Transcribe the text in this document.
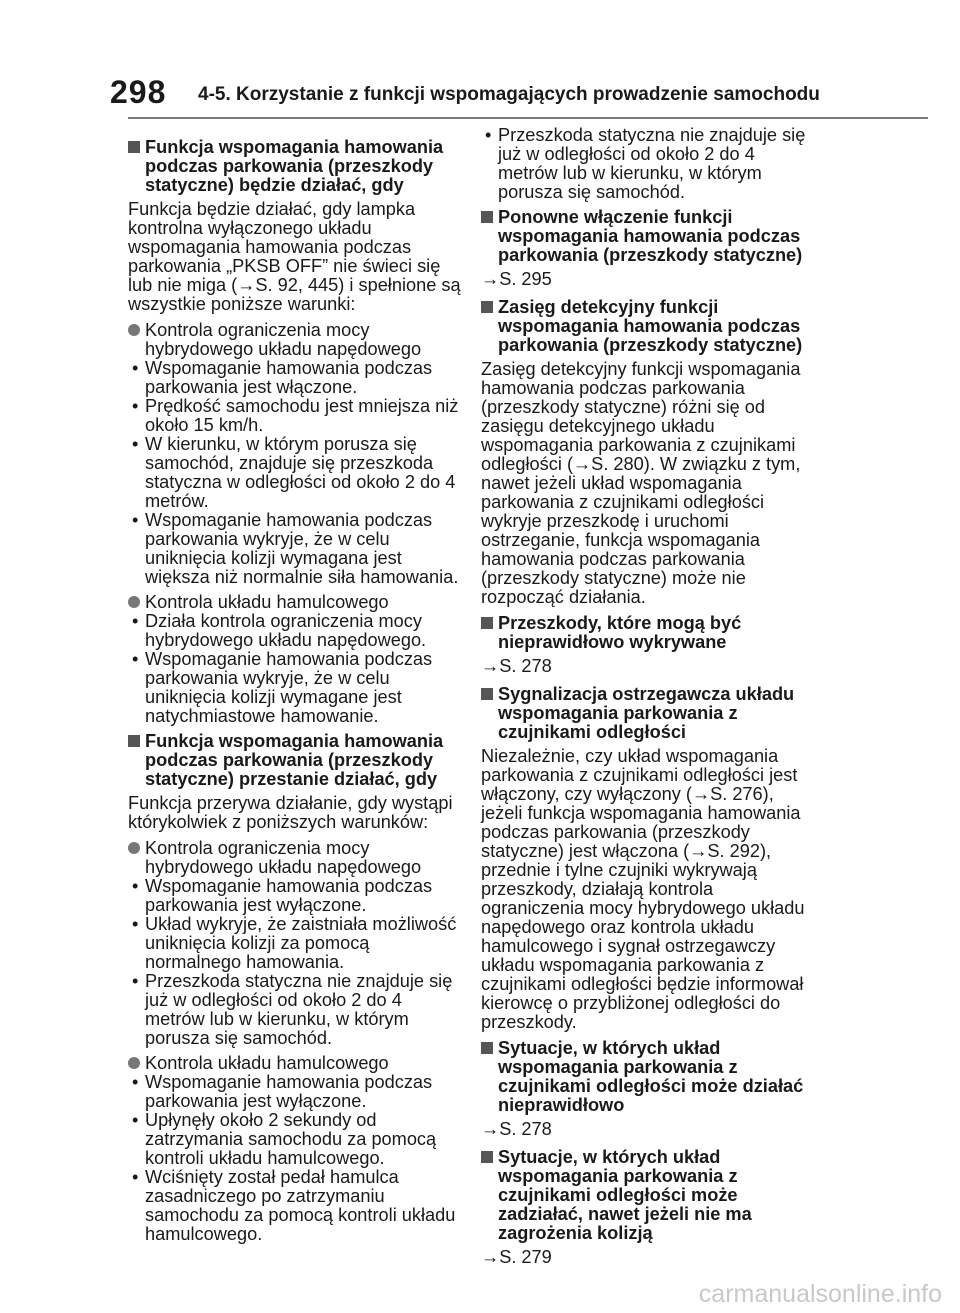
298 4-5. Korzystanie z funkcji wspomagających prowadzenie samochodu
Funkcja wspomagania hamowania podczas parkowania (przeszkody statyczne) będzie działać, gdy
Funkcja będzie działać, gdy lampka kontrolna wyłączonego układu wspomagania hamowania podczas parkowania „PKSB OFF” nie świeci się lub nie miga (→S. 92, 445) i spełnione są wszystkie poniższe warunki:
Kontrola ograniczenia mocy hybrydowego układu napędowego
• Wspomaganie hamowania podczas parkowania jest włączone.
• Prędkość samochodu jest mniejsza niż około 15 km/h.
• W kierunku, w którym porusza się samochód, znajduje się przeszkoda statyczna w odległości od około 2 do 4 metrów.
• Wspomaganie hamowania podczas parkowania wykryje, że w celu uniknięcia kolizji wymagana jest większa niż normalnie siła hamowania.
Kontrola układu hamulcowego
• Działa kontrola ograniczenia mocy hybrydowego układu napędowego.
• Wspomaganie hamowania podczas parkowania wykryje, że w celu uniknięcia kolizji wymagane jest natychmiastowe hamowanie.
Funkcja wspomagania hamowania podczas parkowania (przeszkody statyczne) przestanie działać, gdy
Funkcja przerywa działanie, gdy wystąpi którykolwiek z poniższych warunków:
Kontrola ograniczenia mocy hybrydowego układu napędowego
• Wspomaganie hamowania podczas parkowania jest wyłączone.
• Układ wykryje, że zaistniała możliwość uniknięcia kolizji za pomocą normalnego hamowania.
• Przeszkoda statyczna nie znajduje się już w odległości od około 2 do 4 metrów lub w kierunku, w którym porusza się samochód.
Kontrola układu hamulcowego
• Wspomaganie hamowania podczas parkowania jest wyłączone.
• Upłynęły około 2 sekundy od zatrzymania samochodu za pomocą kontroli układu hamulcowego.
• Wciśnięty został pedał hamulca zasadniczego po zatrzymaniu samochodu za pomocą kontroli układu hamulcowego.
• Przeszkoda statyczna nie znajduje się już w odległości od około 2 do 4 metrów lub w kierunku, w którym porusza się samochód.
Ponowne włączenie funkcji wspomagania hamowania podczas parkowania (przeszkody statyczne)
→S. 295
Zasięg detekcyjny funkcji wspomagania hamowania podczas parkowania (przeszkody statyczne)
Zasięg detekcyjny funkcji wspomagania hamowania podczas parkowania (przeszkody statyczne) różni się od zasięgu detekcyjnego układu wspomagania parkowania z czujnikami odległości (→S. 280). W związku z tym, nawet jeżeli układ wspomagania parkowania z czujnikami odległości wykryje przeszkodę i uruchomi ostrzeganie, funkcja wspomagania hamowania podczas parkowania (przeszkody statyczne) może nie rozpocząć działania.
Przeszkody, które mogą być nieprawidłowo wykrywane
→S. 278
Sygnalizacja ostrzegawcza układu wspomagania parkowania z czujnikami odległości
Niezależnie, czy układ wspomagania parkowania z czujnikami odległości jest włączony, czy wyłączony (→S. 276), jeżeli funkcja wspomagania hamowania podczas parkowania (przeszkody statyczne) jest włączona (→S. 292), przednie i tylne czujniki wykrywają przeszkody, działają kontrola ograniczenia mocy hybrydowego układu napędowego oraz kontrola układu hamulcowego i sygnał ostrzegawczy układu wspomagania parkowania z czujnikami odległości będzie informował kierowcę o przybliżonej odległości do przeszkody.
Sytuacje, w których układ wspomagania parkowania z czujnikami odległości może działać nieprawidłowo
→S. 278
Sytuacje, w których układ wspomagania parkowania z czujnikami odległości może zadziałać, nawet jeżeli nie ma zagrożenia kolizją
→S. 279
carmanualsonline.info
